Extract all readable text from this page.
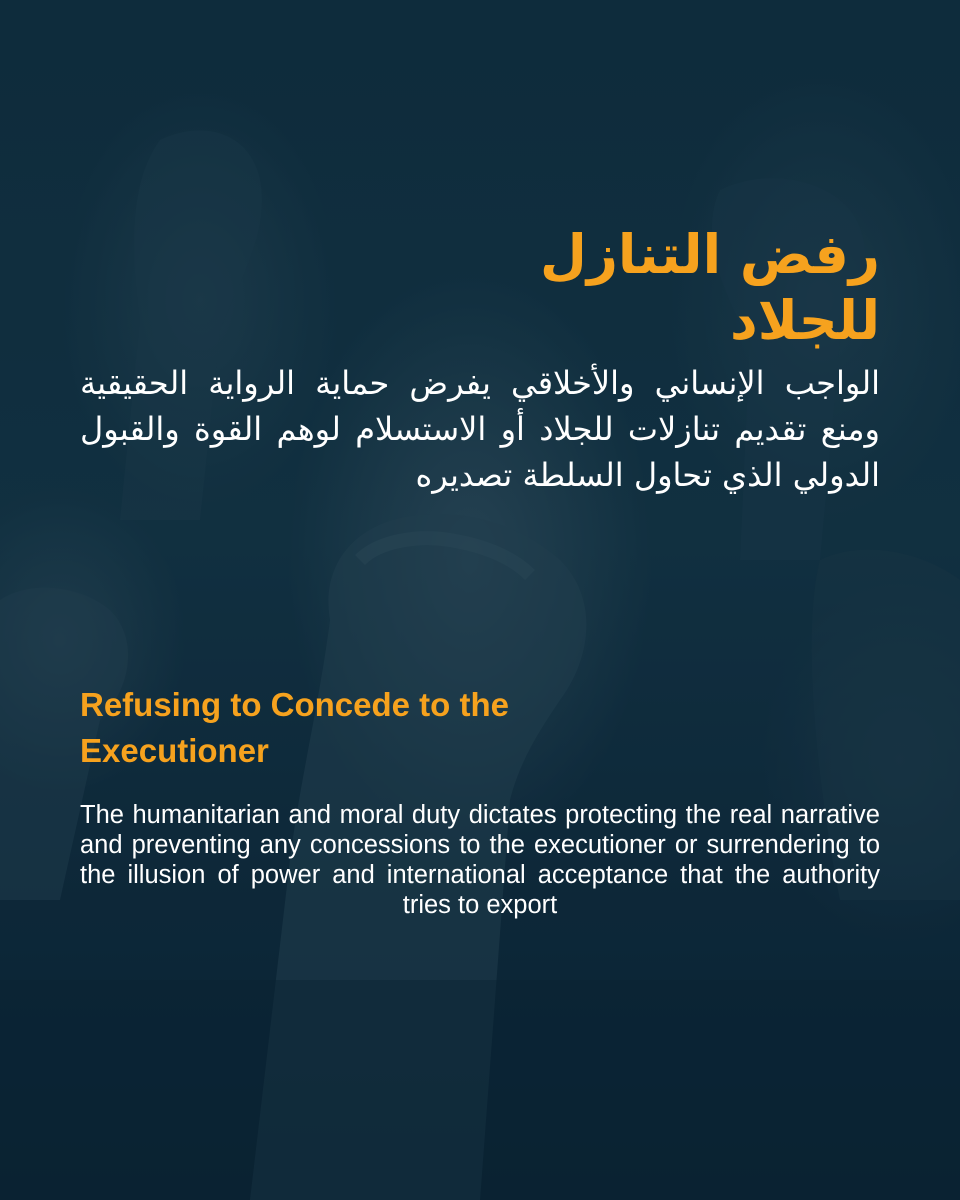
رفض التنازل للجلاد

الواجب الإنساني والأخلاقي يفرض حماية الرواية الحقيقية ومنع تقديم تنازلات للجلاد أو الاستسلام لوهم القوة والقبول الدولي الذي تحاول السلطة تصديره

Refusing to Concede to the Executioner

The humanitarian and moral duty dictates protecting the real narrative and preventing any concessions to the executioner or surrendering to the illusion of power and international acceptance that the authority tries to export
